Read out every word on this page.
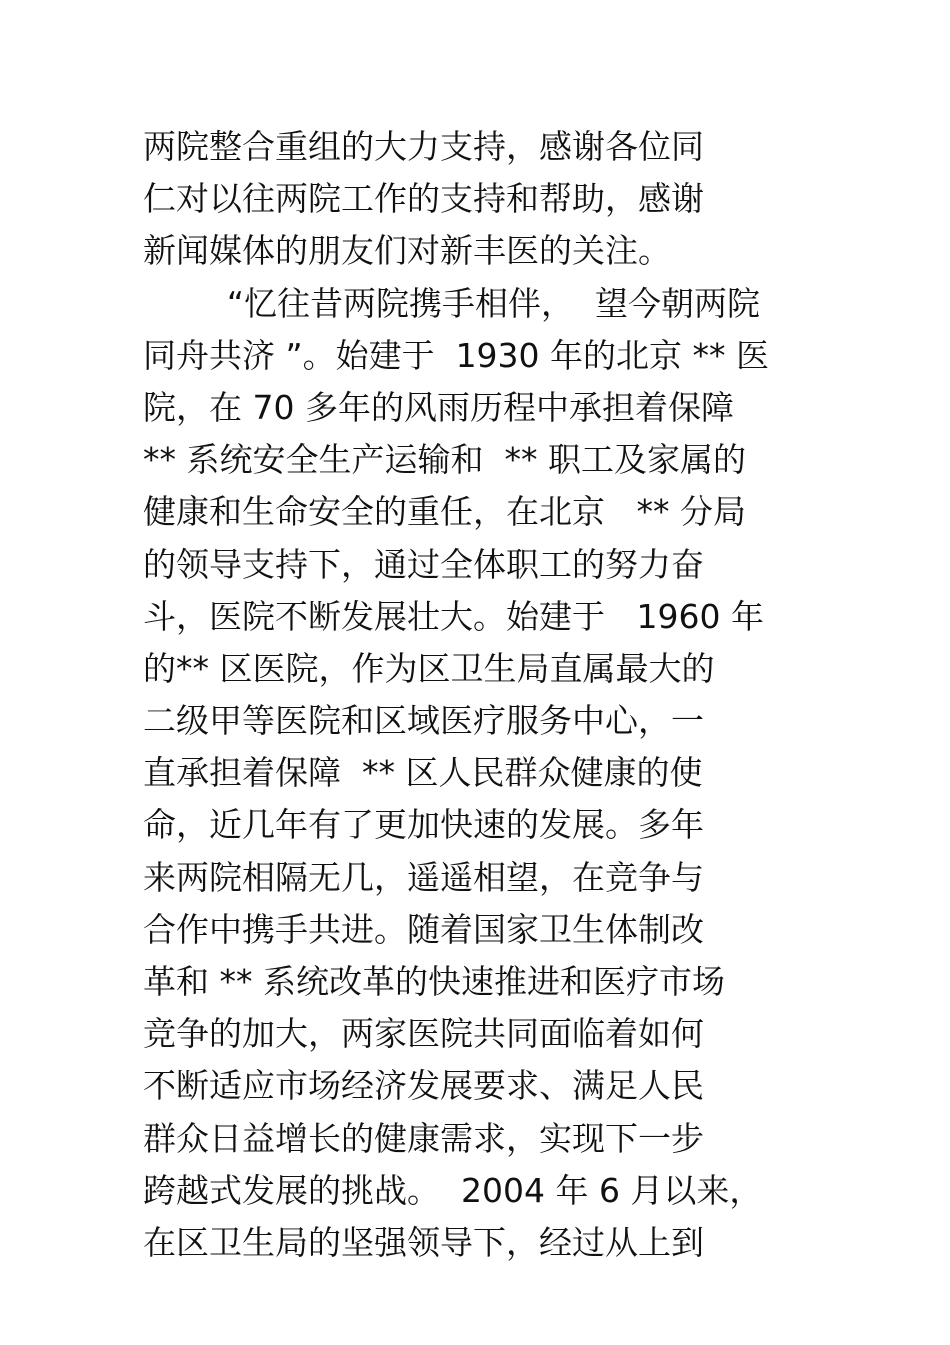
两院整合重组的大力支持，感谢各位同
仁对以往两院工作的支持和帮助，感谢
新闻媒体的朋友们对新丰医的关注。
“忆往昔两院携手相伴，  望今朝两院
同舟共济 ”。始建于  1930 年的北京 ** 医
院，在 70 多年的风雨历程中承担着保障
** 系统安全生产运输和  ** 职工及家属的
健康和生命安全的重任，在北京   ** 分局
的领导支持下，通过全体职工的努力奋
斗，医院不断发展壮大。始建于   1960 年
的** 区医院，作为区卫生局直属最大的
二级甲等医院和区域医疗服务中心，一
直承担着保障  ** 区人民群众健康的使
命，近几年有了更加快速的发展。多年
来两院相隔无几，遥遥相望，在竞争与
合作中携手共进。随着国家卫生体制改
革和 ** 系统改革的快速推进和医疗市场
竞争的加大，两家医院共同面临着如何
不断适应市场经济发展要求、满足人民
群众日益增长的健康需求，实现下一步
跨越式发展的挑战。  2004 年 6 月以来，
在区卫生局的坚强领导下，经过从上到
